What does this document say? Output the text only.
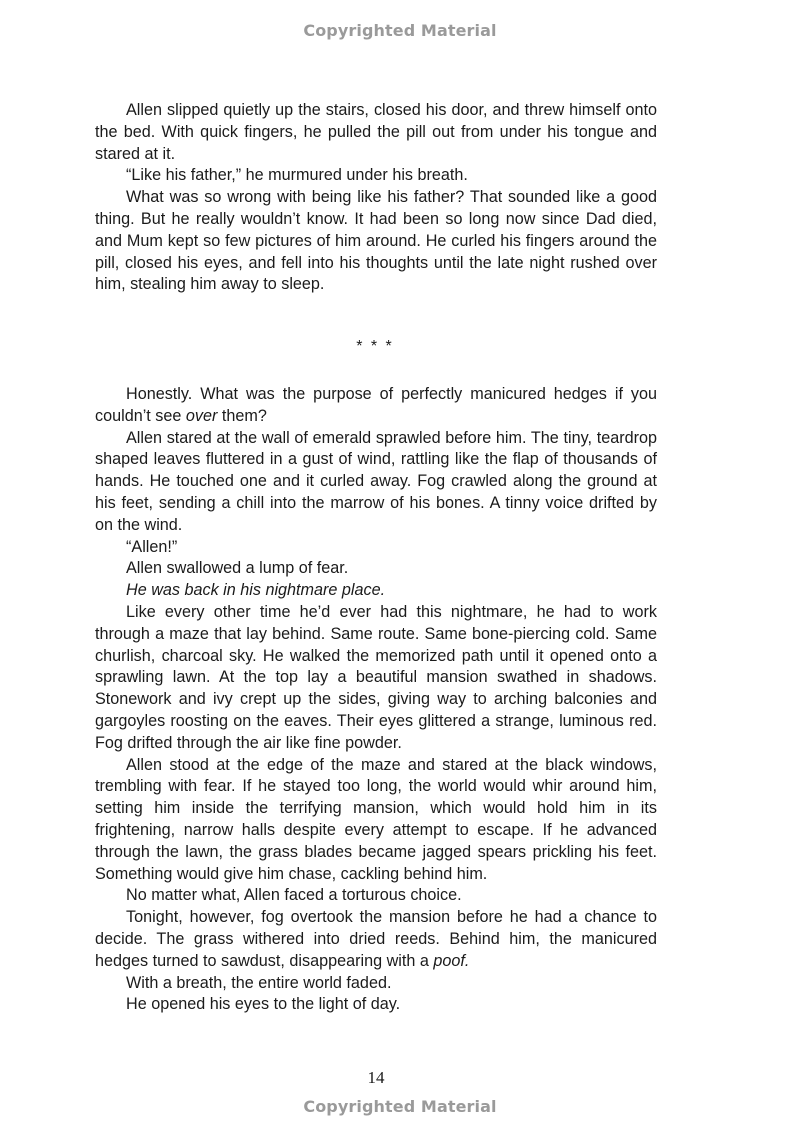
Copyrighted Material

Allen slipped quietly up the stairs, closed his door, and threw himself onto the bed. With quick fingers, he pulled the pill out from under his tongue and stared at it.

“Like his father,” he murmured under his breath.

What was so wrong with being like his father? That sounded like a good thing. But he really wouldn’t know. It had been so long now since Dad died, and Mum kept so few pictures of him around. He curled his fingers around the pill, closed his eyes, and fell into his thoughts until the late night rushed over him, stealing him away to sleep.

* * *

Honestly. What was the purpose of perfectly manicured hedges if you couldn’t see over them?

Allen stared at the wall of emerald sprawled before him. The tiny, teardrop shaped leaves fluttered in a gust of wind, rattling like the flap of thousands of hands. He touched one and it curled away. Fog crawled along the ground at his feet, sending a chill into the marrow of his bones. A tinny voice drifted by on the wind.

“Allen!”

Allen swallowed a lump of fear.

He was back in his nightmare place.

Like every other time he’d ever had this nightmare, he had to work through a maze that lay behind. Same route. Same bone-piercing cold. Same churlish, charcoal sky. He walked the memorized path until it opened onto a sprawling lawn. At the top lay a beautiful mansion swathed in shadows. Stonework and ivy crept up the sides, giving way to arching balconies and gargoyles roosting on the eaves. Their eyes glittered a strange, luminous red. Fog drifted through the air like fine powder.

Allen stood at the edge of the maze and stared at the black windows, trembling with fear. If he stayed too long, the world would whir around him, setting him inside the terrifying mansion, which would hold him in its frightening, narrow halls despite every attempt to escape. If he advanced through the lawn, the grass blades became jagged spears prickling his feet. Something would give him chase, cackling behind him.

No matter what, Allen faced a torturous choice.

Tonight, however, fog overtook the mansion before he had a chance to decide. The grass withered into dried reeds. Behind him, the manicured hedges turned to sawdust, disappearing with a poof.

With a breath, the entire world faded.

He opened his eyes to the light of day.

14
Copyrighted Material
